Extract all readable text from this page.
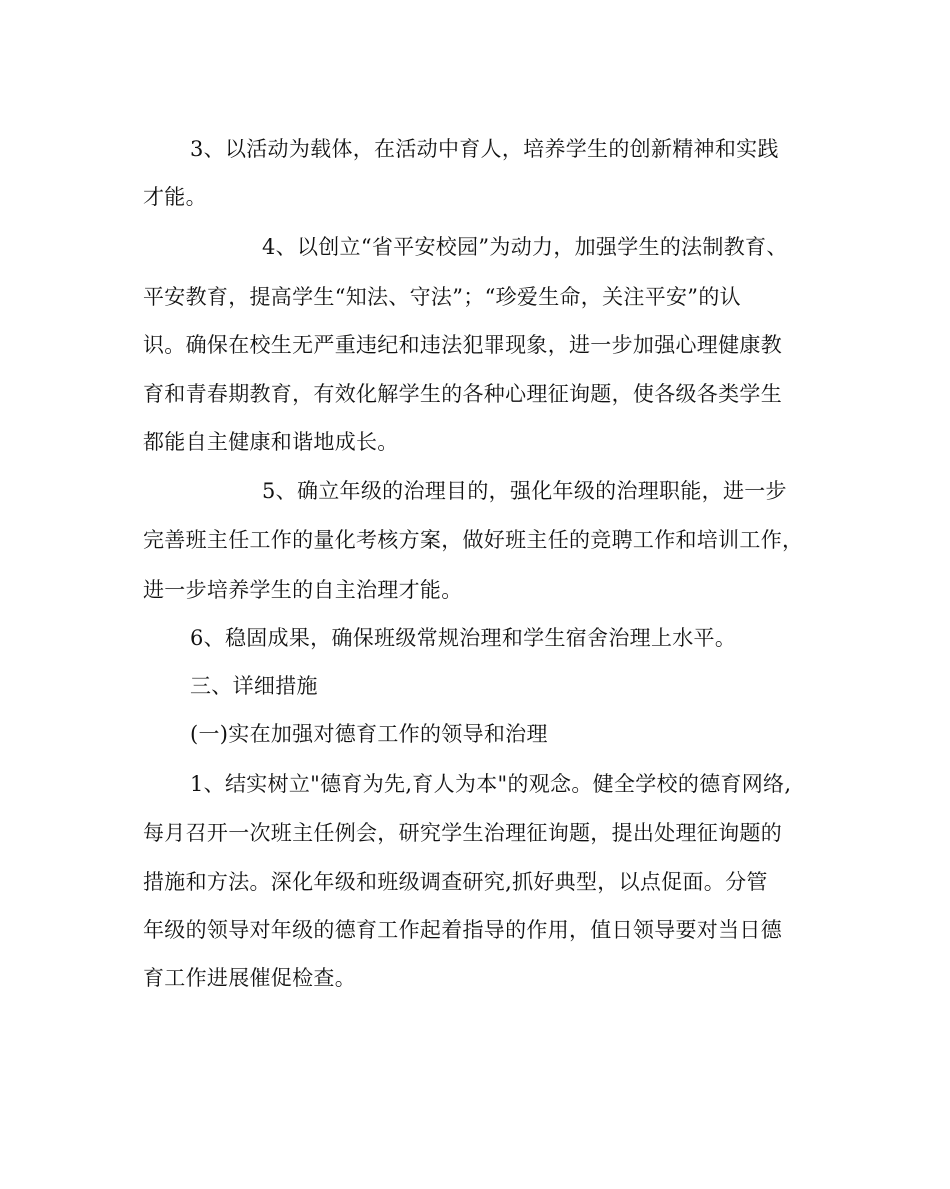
3、以活动为载体，在活动中育人，培养学生的创新精神和实践
才能。
4、以创立“省平安校园”为动力，加强学生的法制教育、
平安教育，提高学生“知法、守法”；“珍爱生命，关注平安”的认
识。确保在校生无严重违纪和违法犯罪现象，进一步加强心理健康教
育和青春期教育，有效化解学生的各种心理征询题，使各级各类学生
都能自主健康和谐地成长。
5、确立年级的治理目的，强化年级的治理职能，进一步
完善班主任工作的量化考核方案，做好班主任的竞聘工作和培训工作，
进一步培养学生的自主治理才能。
6、稳固成果，确保班级常规治理和学生宿舍治理上水平。
三、详细措施
(一)实在加强对德育工作的领导和治理
1、结实树立"德育为先,育人为本"的观念。健全学校的德育网络,
每月召开一次班主任例会，研究学生治理征询题，提出处理征询题的
措施和方法。深化年级和班级调查研究,抓好典型，以点促面。分管
年级的领导对年级的德育工作起着指导的作用，值日领导要对当日德
育工作进展催促检查。
